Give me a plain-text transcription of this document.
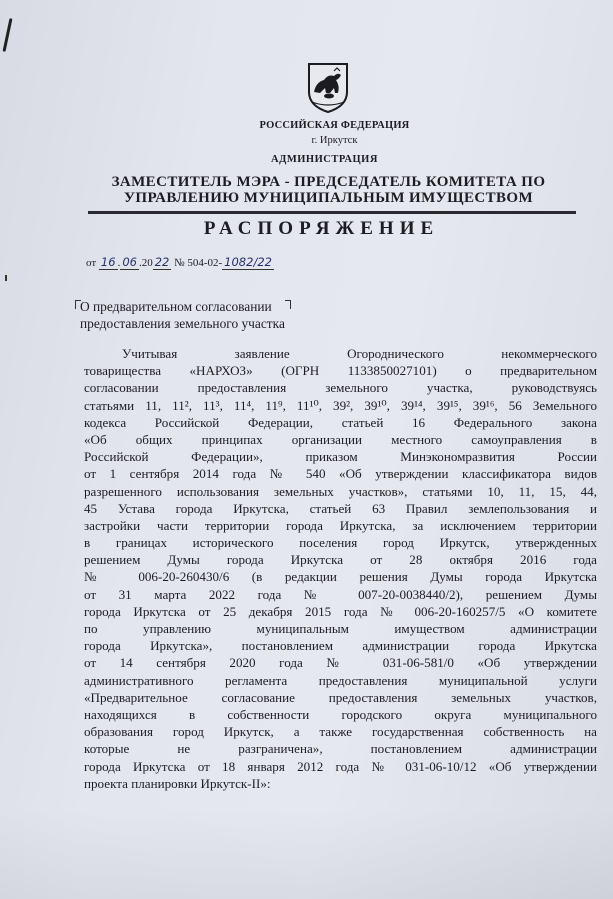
РОССИЙСКАЯ ФЕДЕРАЦИЯ
г. Иркутск
АДМИНИСТРАЦИЯ
ЗАМЕСТИТЕЛЬ МЭРА - ПРЕДСЕДАТЕЛЬ КОМИТЕТА ПО
УПРАВЛЕНИЮ МУНИЦИПАЛЬНЫМ ИМУЩЕСТВОМ
РАСПОРЯЖЕНИЕ
от 16 . 06 .20 22 № 504-02- 1082/22
О предварительном согласовании
предоставления земельного участка
Учитывая заявление Огороднического некоммерческого
товарищества «НАРХОЗ» (ОГРН 1133850027101) о предварительном
согласовании предоставления земельного участка, руководствуясь
статьями 11, 11², 11³, 11⁴, 11⁹, 11¹⁰, 39², 39¹⁰, 39¹⁴, 39¹⁵, 39¹⁶, 56 Земельного
кодекса Российской Федерации, статьей 16 Федерального закона
«Об общих принципах организации местного самоуправления в
Российской Федерации», приказом Минэкономразвития России
от 1 сентября 2014 года № 540 «Об утверждении классификатора видов
разрешенного использования земельных участков», статьями 10, 11, 15, 44,
45 Устава города Иркутска, статьей 63 Правил землепользования и
застройки части территории города Иркутска, за исключением территории
в границах исторического поселения город Иркутск, утвержденных
решением Думы города Иркутска от 28 октября 2016 года
№ 006-20-260430/6 (в редакции решения Думы города Иркутска
от 31 марта 2022 года № 007-20-0038440/2), решением Думы
города Иркутска от 25 декабря 2015 года № 006-20-160257/5 «О комитете
по управлению муниципальным имуществом администрации
города Иркутска», постановлением администрации города Иркутска
от 14 сентября 2020 года № 031-06-581/0 «Об утверждении
административного регламента предоставления муниципальной услуги
«Предварительное согласование предоставления земельных участков,
находящихся в собственности городского округа муниципального
образования город Иркутск, а также государственная собственность на
которые не разграничена», постановлением администрации
города Иркутска от 18 января 2012 года № 031-06-10/12 «Об утверждении
проекта планировки Иркутск-II»:
